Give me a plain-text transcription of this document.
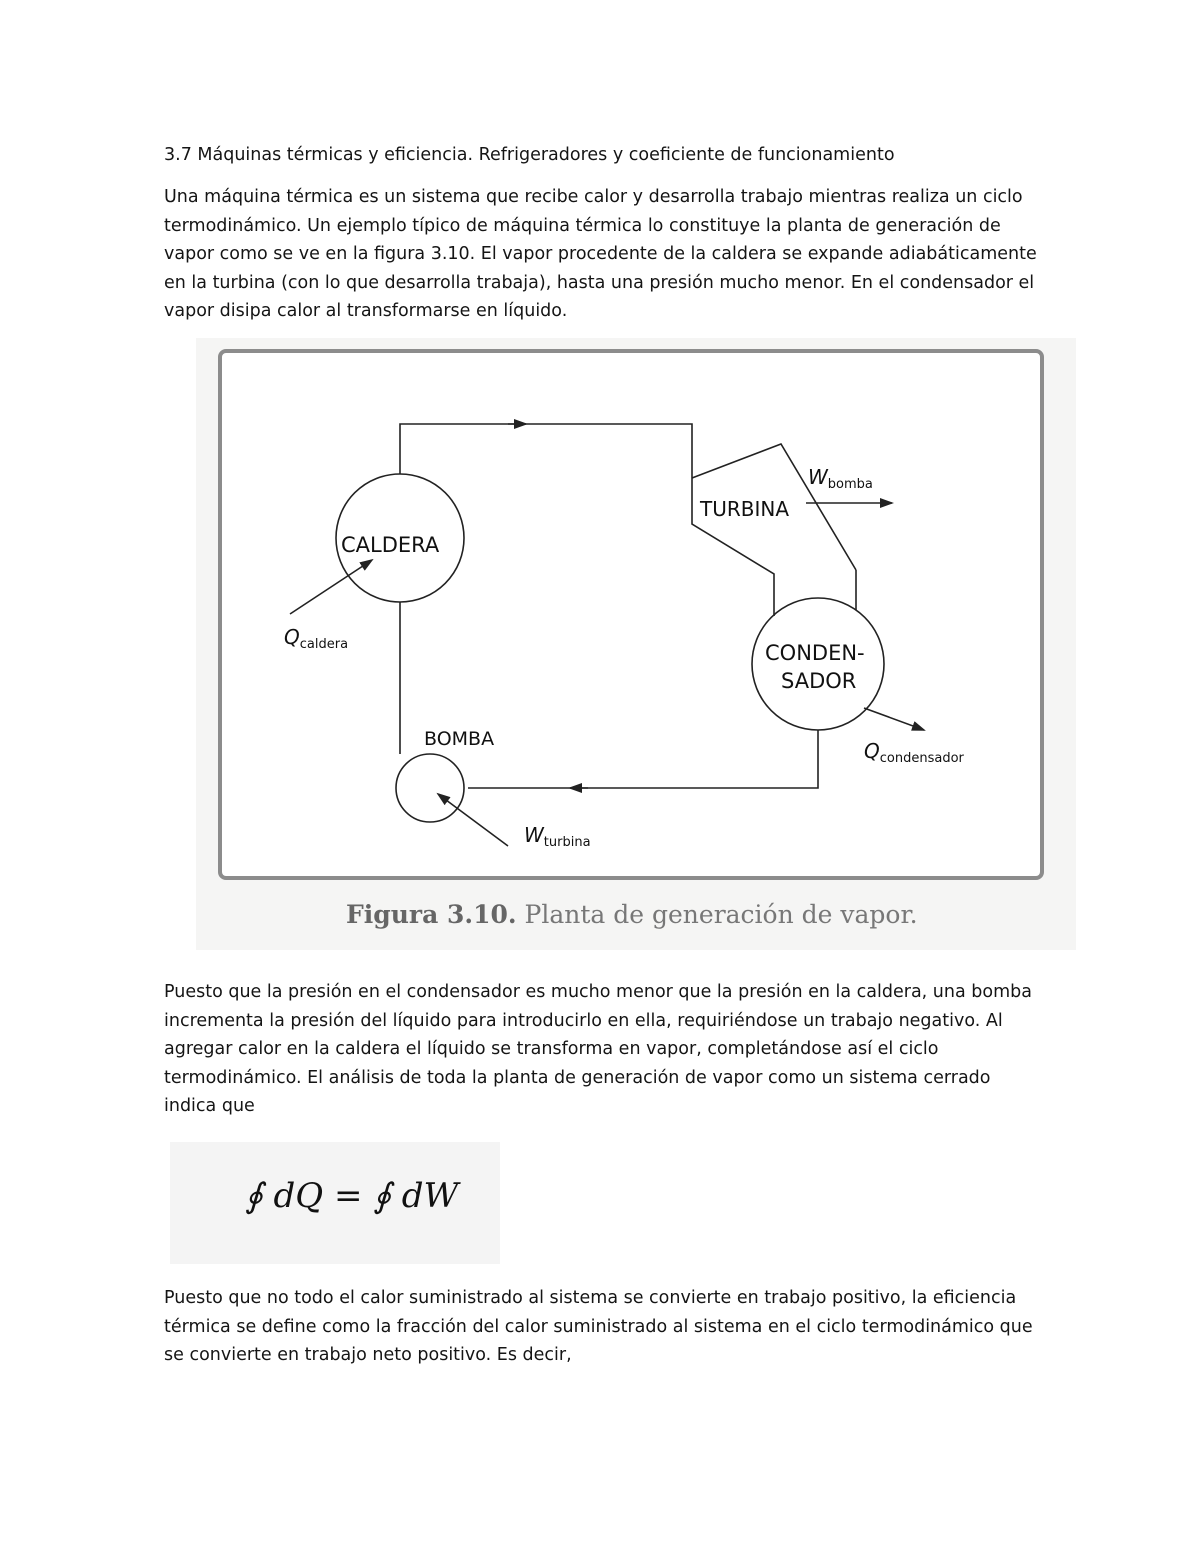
3.7 Máquinas térmicas y eficiencia. Refrigeradores y coeficiente de funcionamiento
Una máquina térmica es un sistema que recibe calor y desarrolla trabajo mientras realiza un ciclo termodinámico. Un ejemplo típico de máquina térmica lo constituye la planta de generación de vapor como se ve en la figura 3.10. El vapor procedente de la caldera se expande adiabáticamente en la turbina (con lo que desarrolla trabaja), hasta una presión mucho menor. En el condensador el vapor disipa calor al transformarse en líquido.
CALDERA
TURBINA
CONDEN-
SADOR
BOMBA
$Q_{caldera}$
$W_{bomba}$
$Q_{condensador}$
$W_{turbina}$
Figura 3.10. Planta de generación de vapor.
Puesto que la presión en el condensador es mucho menor que la presión en la caldera, una bomba incrementa la presión del líquido para introducirlo en ella, requiriéndose un trabajo negativo. Al agregar calor en la caldera el líquido se transforma en vapor, completándose así el ciclo termodinámico. El análisis de toda la planta de generación de vapor como un sistema cerrado indica que
∮ dQ = ∮ dW
Puesto que no todo el calor suministrado al sistema se convierte en trabajo positivo, la eficiencia térmica se define como la fracción del calor suministrado al sistema en el ciclo termodinámico que se convierte en trabajo neto positivo. Es decir,
